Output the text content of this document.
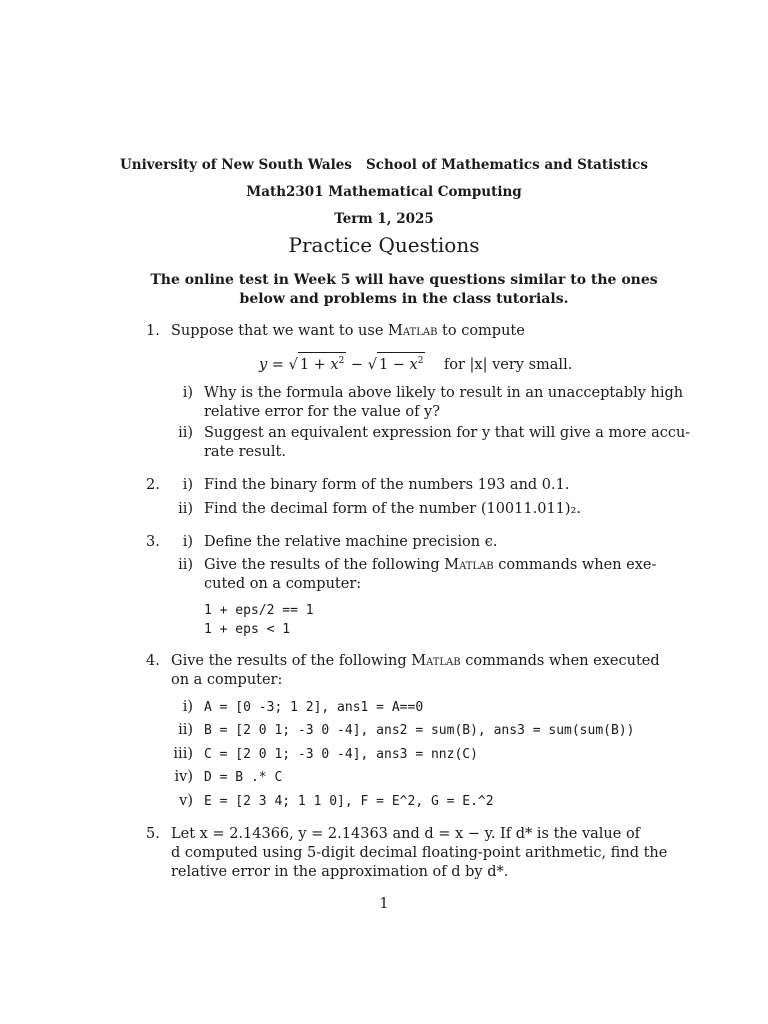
University of New South Wales School of Mathematics and Statistics
Math2301 Mathematical Computing
Term 1, 2025
Practice Questions
The online test in Week 5 will have questions similar to the ones below and problems in the class tutorials.
1. Suppose that we want to use Matlab to compute
y = √ $1 + x^2$ − √ $1 - x^2$ for |x| very small.
i) Why is the formula above likely to result in an unacceptably high
relative error for the value of y?
ii) Suggest an equivalent expression for y that will give a more accu-
rate result.
2.	i) Find the binary form of the numbers 193 and 0.1.
ii) Find the decimal form of the number (10011.011)₂.
3.	i) Define the relative machine precision ϵ.
ii) Give the results of the following Matlab commands when exe-
cuted on a computer:
1 + eps/2 == 1
1 + eps < 1
4. Give the results of the following Matlab commands when executed
on a computer:
i) A = [0 -3; 1 2], ans1 = A==0
ii) B = [2 0 1; -3 0 -4], ans2 = sum(B), ans3 = sum(sum(B))
iii) C = [2 0 1; -3 0 -4], ans3 = nnz(C)
iv) D = B .* C
v) E = [2 3 4; 1 1 0], F = E^2, G = E.^2
5. Let x = 2.14366, y = 2.14363 and d = x − y. If d* is the value of
d computed using 5-digit decimal floating-point arithmetic, find the
relative error in the approximation of d by d*.
1
